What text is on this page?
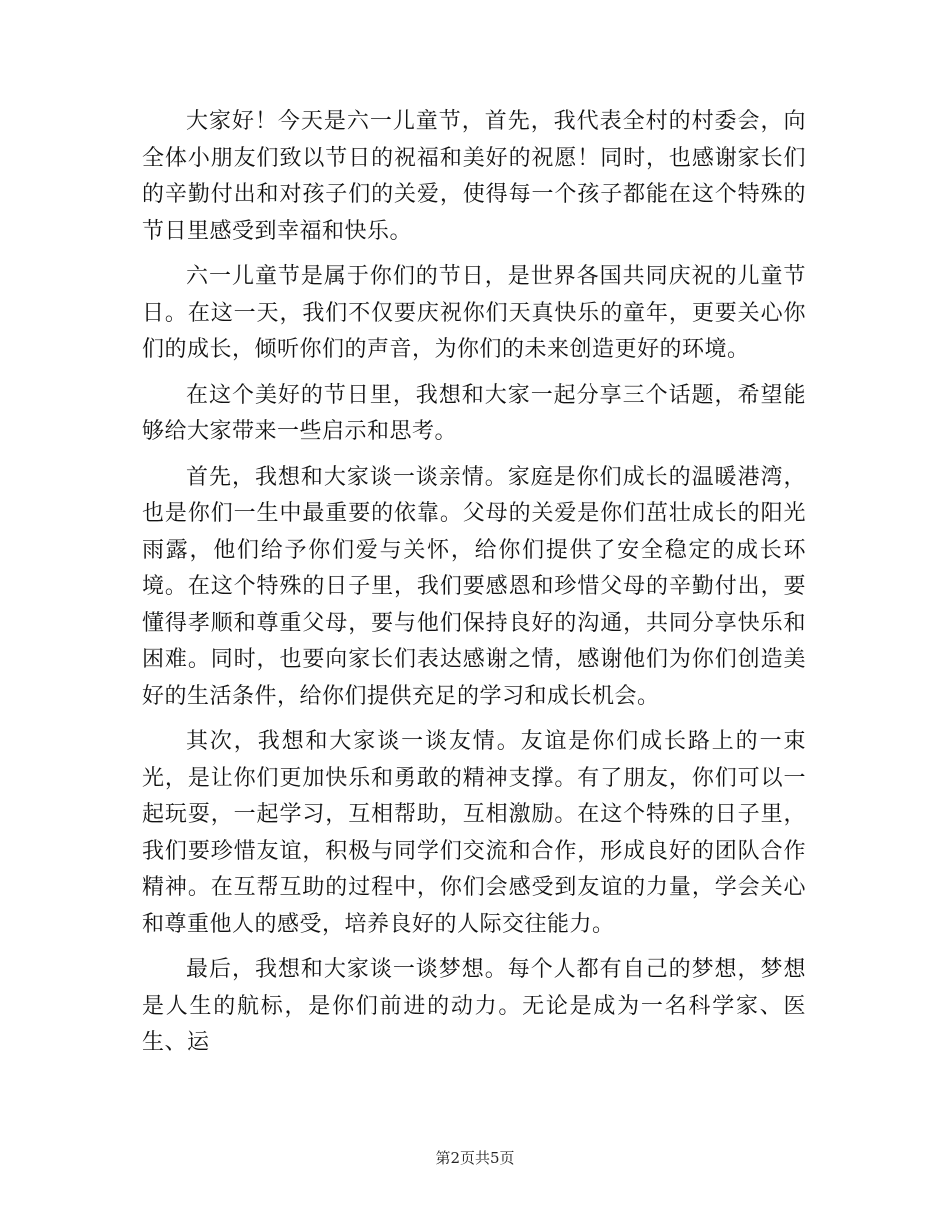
大家好！今天是六一儿童节，首先，我代表全村的村委会，向全体小朋友们致以节日的祝福和美好的祝愿！同时，也感谢家长们的辛勤付出和对孩子们的关爱，使得每一个孩子都能在这个特殊的节日里感受到幸福和快乐。

六一儿童节是属于你们的节日，是世界各国共同庆祝的儿童节日。在这一天，我们不仅要庆祝你们天真快乐的童年，更要关心你们的成长，倾听你们的声音，为你们的未来创造更好的环境。

在这个美好的节日里，我想和大家一起分享三个话题，希望能够给大家带来一些启示和思考。

首先，我想和大家谈一谈亲情。家庭是你们成长的温暖港湾，也是你们一生中最重要的依靠。父母的关爱是你们茁壮成长的阳光雨露，他们给予你们爱与关怀，给你们提供了安全稳定的成长环境。在这个特殊的日子里，我们要感恩和珍惜父母的辛勤付出，要懂得孝顺和尊重父母，要与他们保持良好的沟通，共同分享快乐和困难。同时，也要向家长们表达感谢之情，感谢他们为你们创造美好的生活条件，给你们提供充足的学习和成长机会。

其次，我想和大家谈一谈友情。友谊是你们成长路上的一束光，是让你们更加快乐和勇敢的精神支撑。有了朋友，你们可以一起玩耍，一起学习，互相帮助，互相激励。在这个特殊的日子里，我们要珍惜友谊，积极与同学们交流和合作，形成良好的团队合作精神。在互帮互助的过程中，你们会感受到友谊的力量，学会关心和尊重他人的感受，培养良好的人际交往能力。

最后，我想和大家谈一谈梦想。每个人都有自己的梦想，梦想是人生的航标，是你们前进的动力。无论是成为一名科学家、医生、运

第2页共5页
